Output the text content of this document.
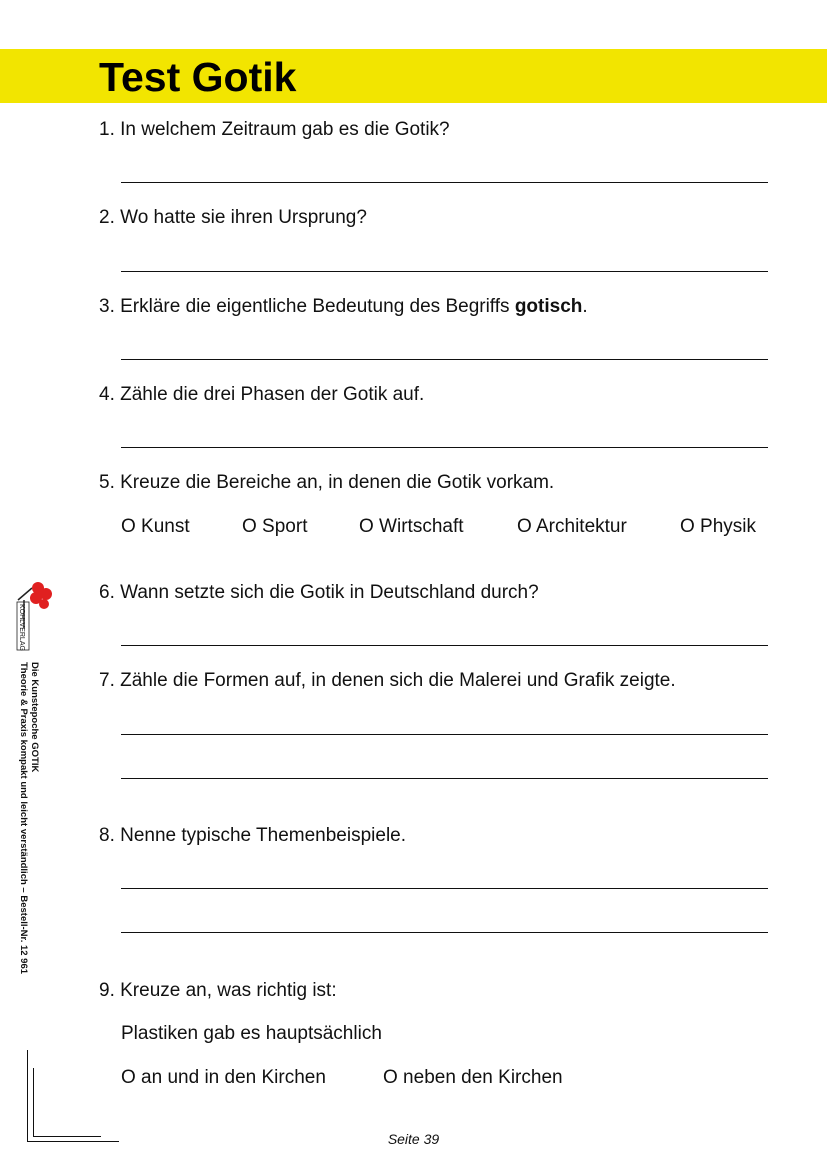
Test Gotik
1. In welchem Zeitraum gab es die Gotik?
2. Wo hatte sie ihren Ursprung?
3. Erkläre die eigentliche Bedeutung des Begriffs gotisch.
4. Zähle die drei Phasen der Gotik auf.
5. Kreuze die Bereiche an, in denen die Gotik vorkam.
O Kunst	O Sport	O Wirtschaft	O Architektur	O Physik
6. Wann setzte sich die Gotik in Deutschland durch?
7. Zähle die Formen auf, in denen sich die Malerei und Grafik zeigte.
8. Nenne typische Themenbeispiele.
9. Kreuze an, was richtig ist:
Plastiken gab es hauptsächlich
O an und in den Kirchen	O neben den Kirchen
KOHLVERLAG
Die Kunstepoche GOTIK
Theorie & Praxis kompakt und leicht verständlich – Bestell-Nr. 12 961
Seite 39
